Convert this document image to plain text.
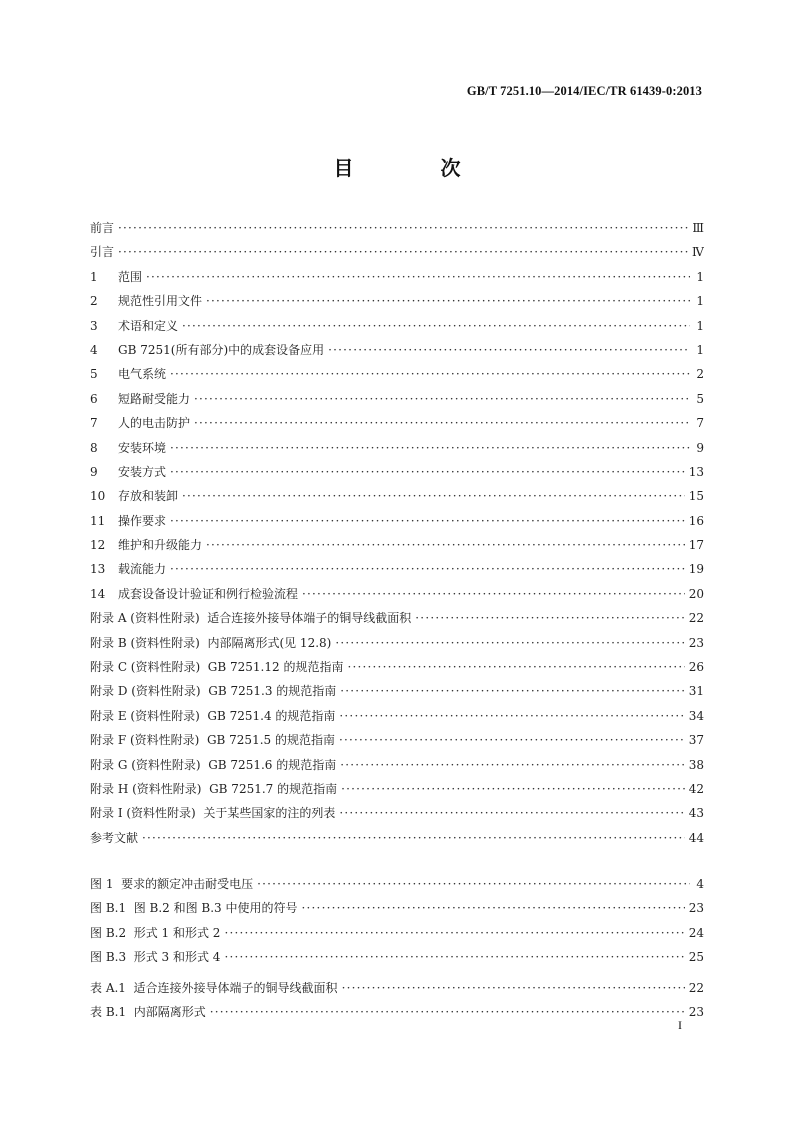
GB/T 7251.10—2014/IEC/TR 61439-0:2013
目 次
前言 ·····	Ⅲ
引言 ·····	Ⅳ
1 范围 ·····	1
2 规范性引用文件 ·····	1
3 术语和定义 ·····	1
4 GB 7251(所有部分)中的成套设备应用 ·····	1
5 电气系统 ·····	2
6 短路耐受能力 ·····	5
7 人的电击防护 ·····	7
8 安装环境 ·····	9
9 安装方式 ·····	13
10 存放和装卸 ·····	15
11 操作要求 ·····	16
12 维护和升级能力 ·····	17
13 载流能力 ·····	19
14 成套设备设计验证和例行检验流程 ·····	20
附录 A (资料性附录)  适合连接外接导体端子的铜导线截面积 ·····	22
附录 B (资料性附录)  内部隔离形式(见 12.8) ·····	23
附录 C (资料性附录)  GB 7251.12 的规范指南 ·····	26
附录 D (资料性附录)  GB 7251.3 的规范指南 ·····	31
附录 E (资料性附录)  GB 7251.4 的规范指南 ·····	34
附录 F (资料性附录)  GB 7251.5 的规范指南 ·····	37
附录 G (资料性附录)  GB 7251.6 的规范指南 ·····	38
附录 H (资料性附录)  GB 7251.7 的规范指南 ·····	42
附录 I (资料性附录)  关于某些国家的注的列表 ·····	43
参考文献 ·····	44
图 1  要求的额定冲击耐受电压 ·····	4
图 B.1  图 B.2 和图 B.3 中使用的符号 ·····	23
图 B.2  形式 1 和形式 2 ·····	24
图 B.3  形式 3 和形式 4 ·····	25
表 A.1  适合连接外接导体端子的铜导线截面积 ·····	22
表 B.1  内部隔离形式 ·····	23
I
